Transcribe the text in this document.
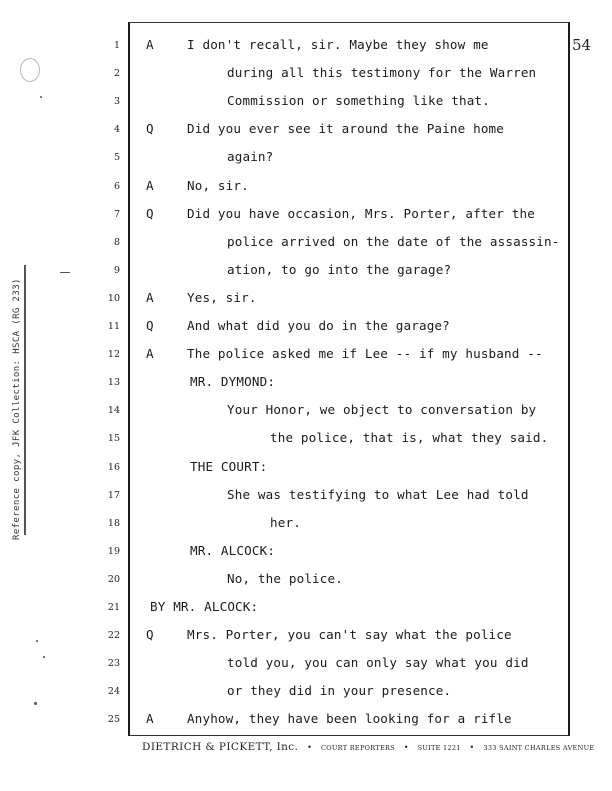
54
1 A	I don't recall, sir. Maybe they show me
2	during all this testimony for the Warren
3	Commission or something like that.
4 Q	Did you ever see it around the Paine home
5	again?
6 A	No, sir.
7 Q	Did you have occasion, Mrs. Porter, after the
8	police arrived on the date of the assassin-
9	ation, to go into the garage?
10 A	Yes, sir.
11 Q	And what did you do in the garage?
12 A	The police asked me if Lee -- if my husband --
13	MR. DYMOND:
14	Your Honor, we object to conversation by
15	the police, that is, what they said.
16	THE COURT:
17	She was testifying to what Lee had told
18	her.
19	MR. ALCOCK:
20	No, the police.
21 BY MR. ALCOCK:
22 Q	Mrs. Porter, you can't say what the police
23	told you, you can only say what you did
24	or they did in your presence.
25 A	Anyhow, they have been looking for a rifle
Reference copy, JFK Collection: HSCA (RG 233)
DIETRICH & PICKETT, Inc. • COURT REPORTERS • SUITE 1221 • 333 SAINT CHARLES AVENUE
